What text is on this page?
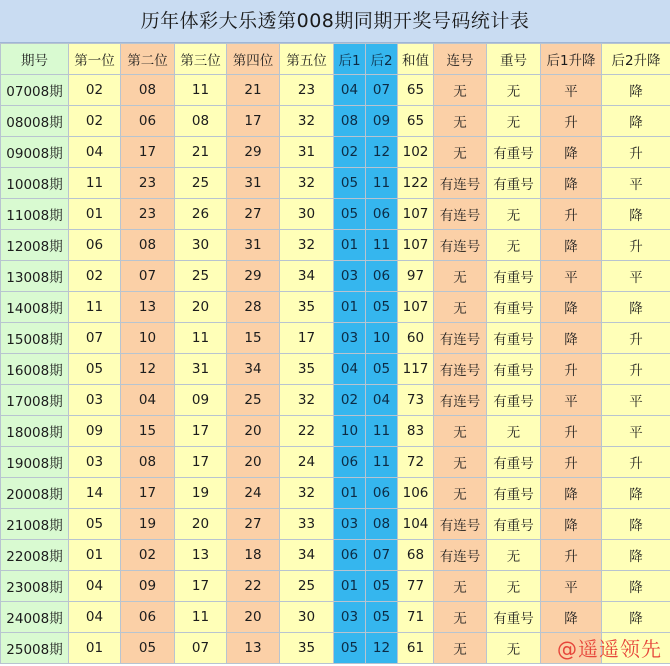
历年体彩大乐透第008期同期开奖号码统计表
期号	第一位	第二位	第三位	第四位	第五位	后1	后2	和值	连号	重号	后1升降	后2升降
07008期	02	08	11	21	23	04	07	65	无	无	平	降
08008期	02	06	08	17	32	08	09	65	无	无	升	降
09008期	04	17	21	29	31	02	12	102	无	有重号	降	升
10008期	11	23	25	31	32	05	11	122	有连号	有重号	降	平
11008期	01	23	26	27	30	05	06	107	有连号	无	升	降
12008期	06	08	30	31	32	01	11	107	有连号	无	降	升
13008期	02	07	25	29	34	03	06	97	无	有重号	平	平
14008期	11	13	20	28	35	01	05	107	无	有重号	降	降
15008期	07	10	11	15	17	03	10	60	有连号	有重号	降	升
16008期	05	12	31	34	35	04	05	117	有连号	有重号	升	升
17008期	03	04	09	25	32	02	04	73	有连号	有重号	平	平
18008期	09	15	17	20	22	10	11	83	无	无	升	平
19008期	03	08	17	20	24	06	11	72	无	有重号	升	升
20008期	14	17	19	24	32	01	06	106	无	有重号	降	降
21008期	05	19	20	27	33	03	08	104	有连号	有重号	降	降
22008期	01	02	13	18	34	06	07	68	有连号	无	升	降
23008期	04	09	17	22	25	01	05	77	无	无	平	降
24008期	04	06	11	20	30	03	05	71	无	有重号	降	降
25008期	01	05	07	13	35	05	12	61	无	无		@遥遥领先
